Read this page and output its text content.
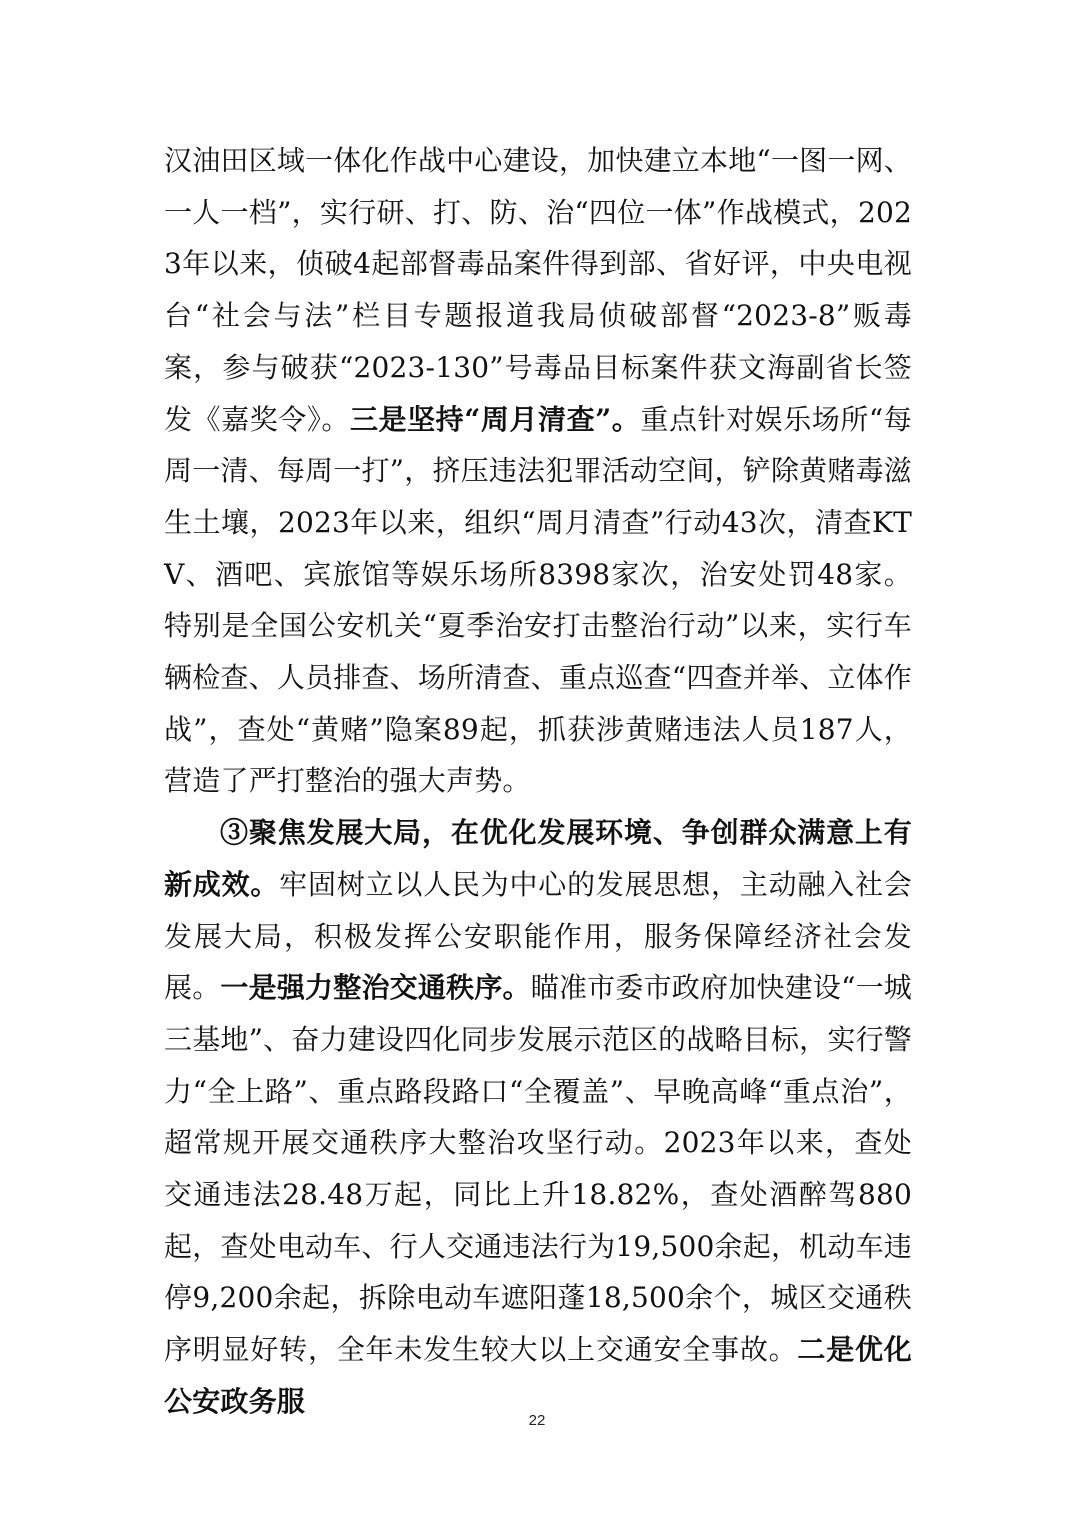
汉油田区域一体化作战中心建设，加快建立本地“一图一网、一人一档”，实行研、打、防、治“四位一体”作战模式，2023年以来，侦破4起部督毒品案件得到部、省好评，中央电视台“社会与法”栏目专题报道我局侦破部督“2023-8”贩毒案，参与破获“2023-130”号毒品目标案件获文海副省长签发《嘉奖令》。三是坚持“周月清查”。重点针对娱乐场所“每周一清、每周一打”，挤压违法犯罪活动空间，铲除黄赌毒滋生土壤，2023年以来，组织“周月清查”行动43次，清查KTV、酒吧、宾旅馆等娱乐场所8398家次，治安处罚48家。特别是全国公安机关“夏季治安打击整治行动”以来，实行车辆检查、人员排查、场所清查、重点巡查“四查并举、立体作战”，查处“黄赌”隐案89起，抓获涉黄赌违法人员187人，营造了严打整治的强大声势。

③聚焦发展大局，在优化发展环境、争创群众满意上有新成效。牢固树立以人民为中心的发展思想，主动融入社会发展大局，积极发挥公安职能作用，服务保障经济社会发展。一是强力整治交通秩序。瞄准市委市政府加快建设“一城三基地”、奋力建设四化同步发展示范区的战略目标，实行警力“全上路”、重点路段路口“全覆盖”、早晚高峰“重点治”，超常规开展交通秩序大整治攻坚行动。2023年以来，查处交通违法28.48万起，同比上升18.82%，查处酒醉驾880起，查处电动车、行人交通违法行为19,500余起，机动车违停9,200余起，拆除电动车遮阳蓬18,500余个，城区交通秩序明显好转，全年未发生较大以上交通安全事故。二是优化公安政务服

22
